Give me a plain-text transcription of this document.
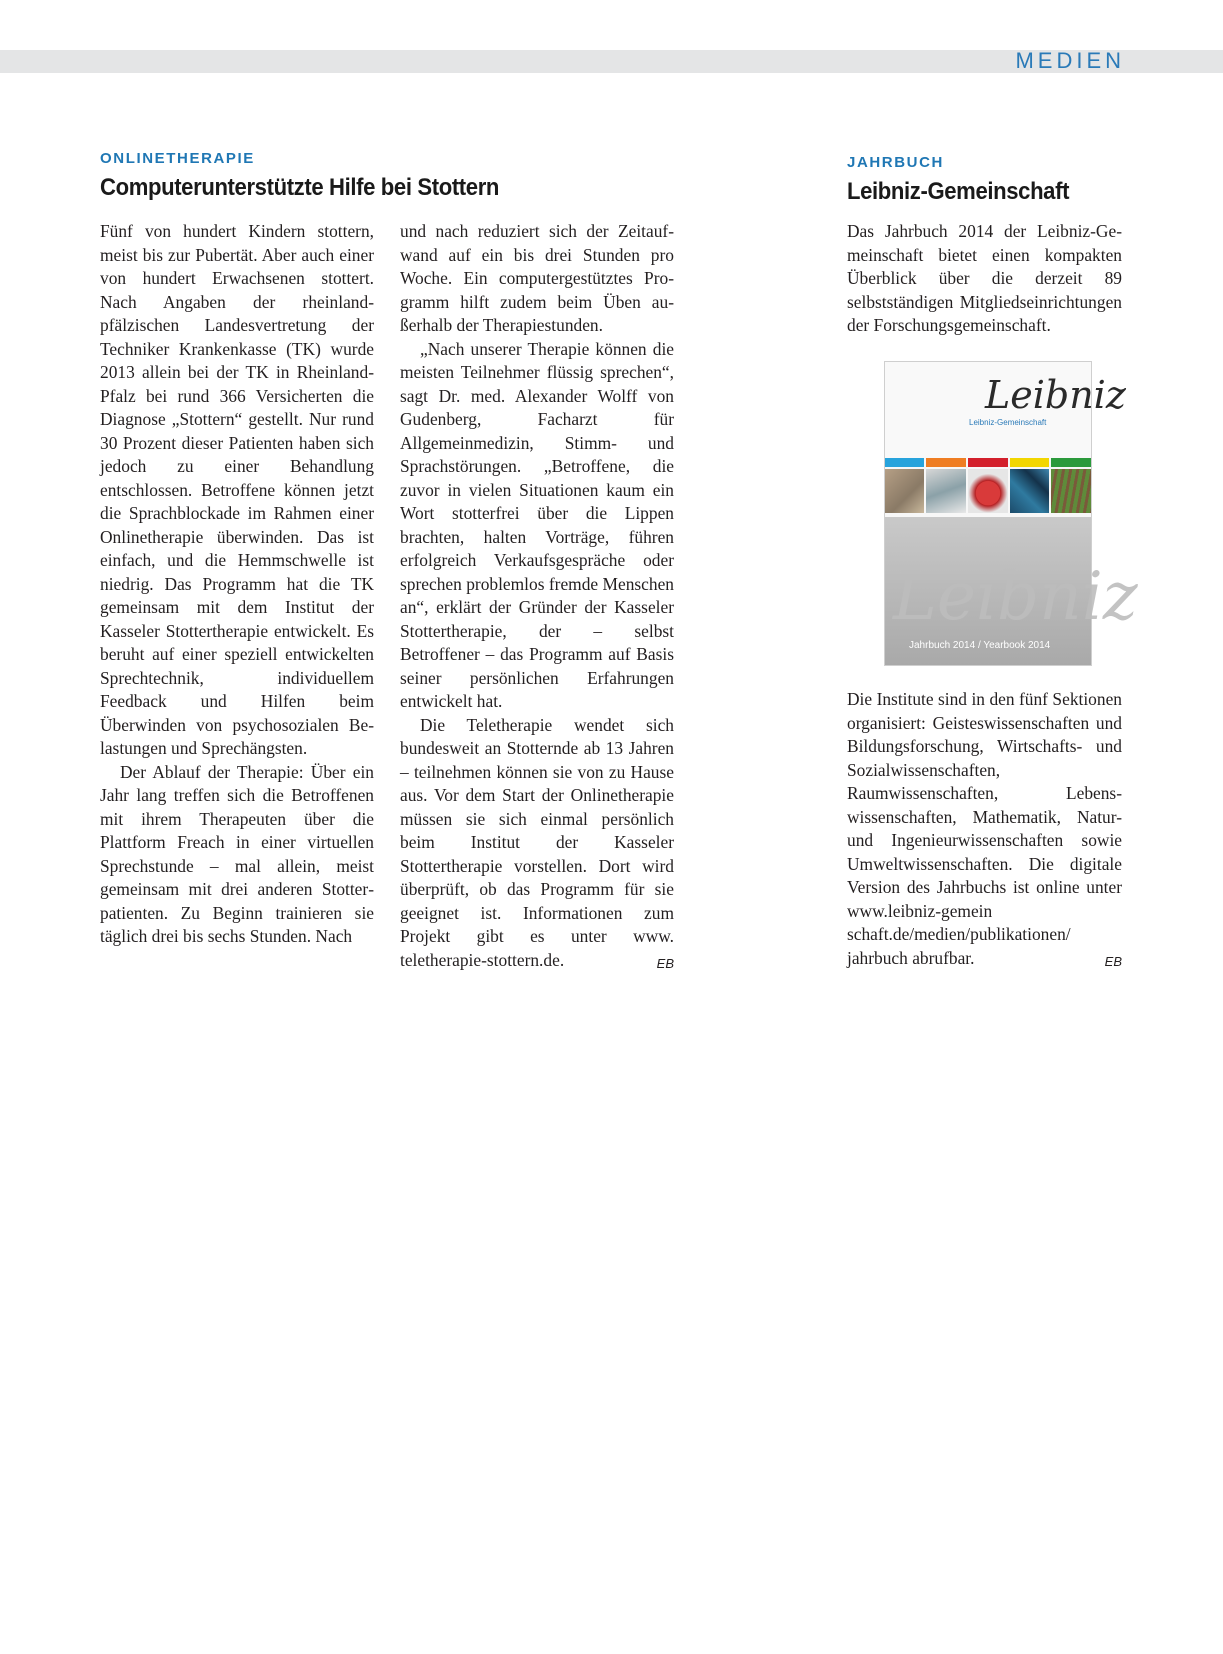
MEDIEN
ONLINETHERAPIE
Computerunterstützte Hilfe bei Stottern

Fünf von hundert Kindern stottern, meist bis zur Pubertät. Aber auch einer von hundert Erwachsenen stottert. Nach Angaben der rheinland-pfälzischen Landesvertretung der Techniker Krankenkasse (TK) wurde 2013 allein bei der TK in Rheinland-Pfalz bei rund 366 Versicherten die Diagnose „Stottern“ gestellt. Nur rund 30 Prozent dieser Patienten haben sich jedoch zu einer Behandlung entschlossen. Betroffene können jetzt die Sprachblockade im Rahmen einer Onlinetherapie überwinden. Das ist einfach, und die Hemmschwelle ist niedrig. Das Programm hat die TK gemeinsam mit dem Institut der Kasseler Stottertherapie entwickelt. Es beruht auf einer speziell entwickelten Sprechtechnik, individuellem Feedback und Hilfen beim Überwinden von psychosozialen Belastungen und Sprechängsten.

Der Ablauf der Therapie: Über ein Jahr lang treffen sich die Betroffenen mit ihrem Therapeuten über die Plattform Freach in einer virtuellen Sprechstunde – mal allein, meist gemeinsam mit drei anderen Stotterpatienten. Zu Beginn trainieren sie täglich drei bis sechs Stunden. Nach

und nach reduziert sich der Zeitaufwand auf ein bis drei Stunden pro Woche. Ein computergestütztes Programm hilft zudem beim Üben außerhalb der Therapiestunden.

„Nach unserer Therapie können die meisten Teilnehmer flüssig sprechen“, sagt Dr. med. Alexander Wolff von Gudenberg, Facharzt für Allgemeinmedizin, Stimm- und Sprachstörungen. „Betroffene, die zuvor in vielen Situationen kaum ein Wort stotterfrei über die Lippen brachten, halten Vorträge, führen erfolgreich Verkaufsgespräche oder sprechen problemlos fremde Menschen an“, erklärt der Gründer der Kasseler Stottertherapie, der – selbst Betroffener – das Programm auf Basis seiner persönlichen Erfahrungen entwickelt hat.

Die Teletherapie wendet sich bundesweit an Stotternde ab 13 Jahren – teilnehmen können sie von zu Hause aus. Vor dem Start der Onlinetherapie müssen sie sich einmal persönlich beim Institut der Kasseler Stottertherapie vorstellen. Dort wird überprüft, ob das Programm für sie geeignet ist. Informationen zum Projekt gibt es unter www. teletherapie-stottern.de.	EB

JAHRBUCH
Leibniz-Gemeinschaft

Das Jahrbuch 2014 der Leibniz-Gemeinschaft bietet einen kompakten Überblick über die derzeit 89 selbstständigen Mitgliedseinrichtungen der Forschungsgemeinschaft.

Leibniz
Leibniz-Gemeinschaft
Leibniz
Jahrbuch 2014 / Yearbook 2014

Die Institute sind in den fünf Sektionen organisiert: Geisteswissenschaften und Bildungsforschung, Wirtschafts- und Sozialwissenschaften, Raumwissenschaften, Lebenswissenschaften, Mathematik, Natur- und Ingenieurwissenschaften sowie Umweltwissenschaften. Die digitale Version des Jahrbuchs ist online unter www.leibniz-gemein schaft.de/medien/publikationen/ jahrbuch abrufbar.	EB
